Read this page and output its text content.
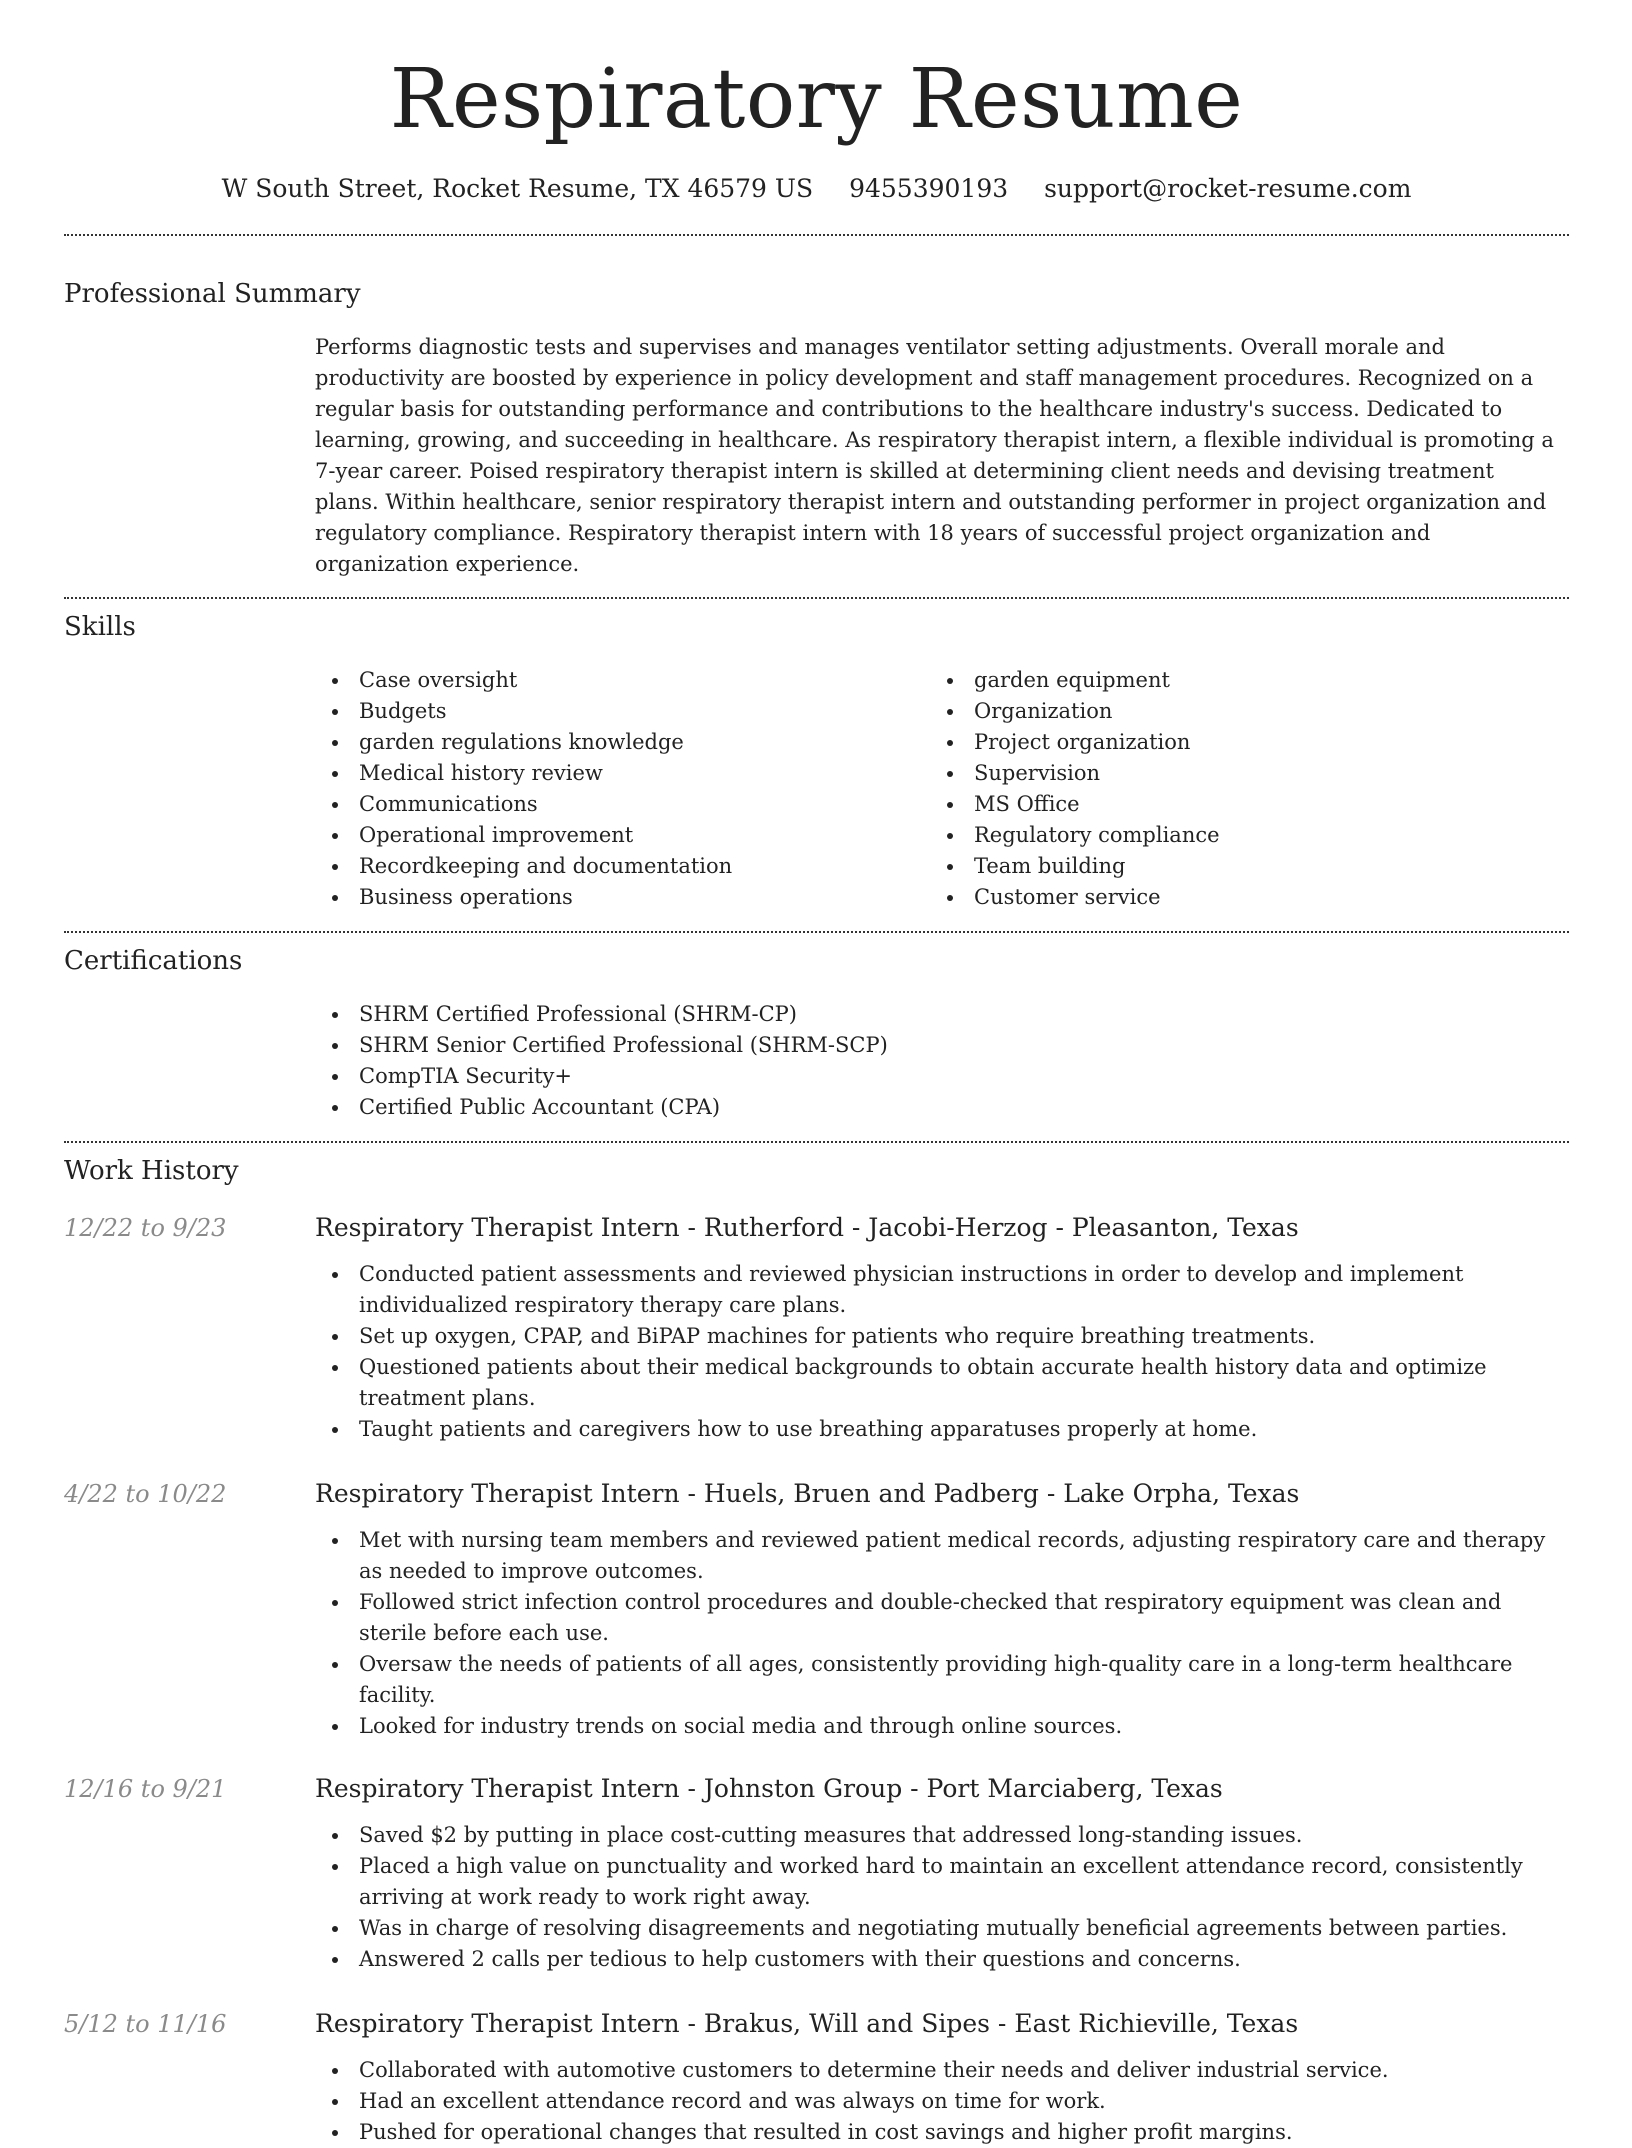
Respiratory Resume
W South Street, Rocket Resume, TX 46579 US 9455390193 support@rocket-resume.com
Professional Summary

Performs diagnostic tests and supervises and manages ventilator setting adjustments. Overall morale and productivity are boosted by experience in policy development and staff management procedures. Recognized on a regular basis for outstanding performance and contributions to the healthcare industry's success. Dedicated to learning, growing, and succeeding in healthcare. As respiratory therapist intern, a flexible individual is promoting a 7-year career. Poised respiratory therapist intern is skilled at determining client needs and devising treatment plans. Within healthcare, senior respiratory therapist intern and outstanding performer in project organization and regulatory compliance. Respiratory therapist intern with 18 years of successful project organization and organization experience.

Skills
Case oversight
Budgets
garden regulations knowledge
Medical history review
Communications
Operational improvement
Recordkeeping and documentation
Business operations
garden equipment
Organization
Project organization
Supervision
MS Office
Regulatory compliance
Team building
Customer service
Certifications
SHRM Certified Professional (SHRM-CP)
SHRM Senior Certified Professional (SHRM-SCP)
CompTIA Security+
Certified Public Accountant (CPA)
Work History
12/22 to 9/23	Respiratory Therapist Intern - Rutherford - Jacobi-Herzog - Pleasanton, Texas
Conducted patient assessments and reviewed physician instructions in order to develop and implement individualized respiratory therapy care plans.
Set up oxygen, CPAP, and BiPAP machines for patients who require breathing treatments.
Questioned patients about their medical backgrounds to obtain accurate health history data and optimize treatment plans.
Taught patients and caregivers how to use breathing apparatuses properly at home.
4/22 to 10/22	Respiratory Therapist Intern - Huels, Bruen and Padberg - Lake Orpha, Texas
Met with nursing team members and reviewed patient medical records, adjusting respiratory care and therapy as needed to improve outcomes.
Followed strict infection control procedures and double-checked that respiratory equipment was clean and sterile before each use.
Oversaw the needs of patients of all ages, consistently providing high-quality care in a long-term healthcare facility.
Looked for industry trends on social media and through online sources.
12/16 to 9/21	Respiratory Therapist Intern - Johnston Group - Port Marciaberg, Texas
Saved $2 by putting in place cost-cutting measures that addressed long-standing issues.
Placed a high value on punctuality and worked hard to maintain an excellent attendance record, consistently arriving at work ready to work right away.
Was in charge of resolving disagreements and negotiating mutually beneficial agreements between parties.
Answered 2 calls per tedious to help customers with their questions and concerns.
5/12 to 11/16	Respiratory Therapist Intern - Brakus, Will and Sipes - East Richieville, Texas
Collaborated with automotive customers to determine their needs and deliver industrial service.
Had an excellent attendance record and was always on time for work.
Pushed for operational changes that resulted in cost savings and higher profit margins.
